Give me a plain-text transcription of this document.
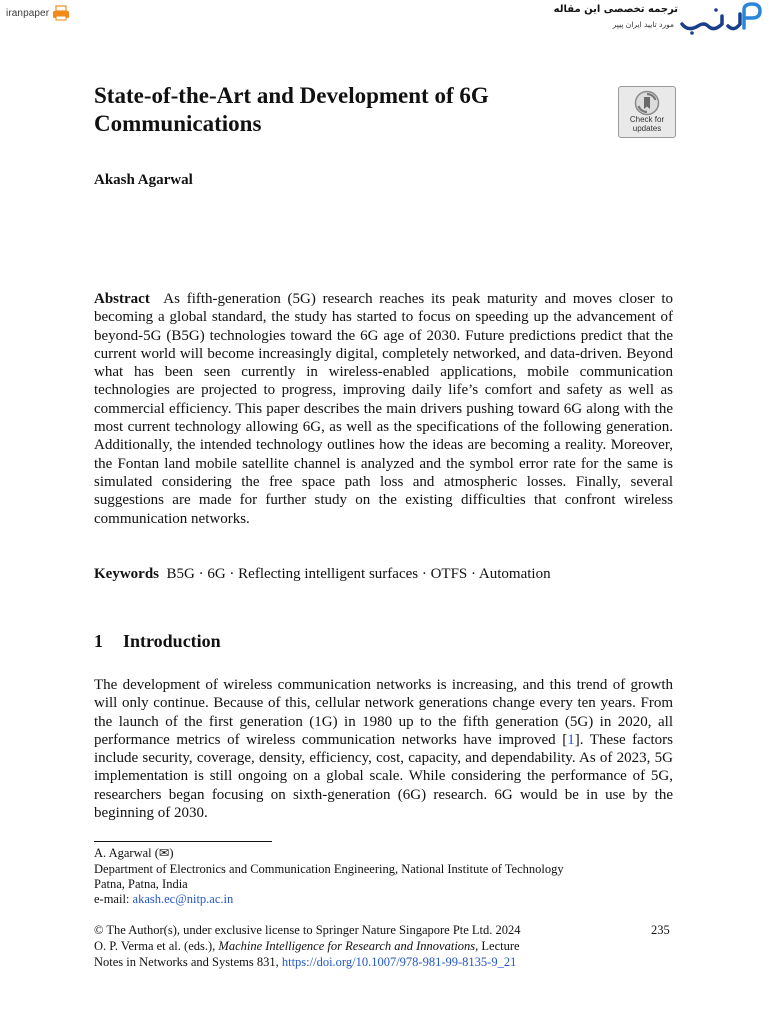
iranpaper	ترجمه تخصصی این مقاله
مورد تایید ایران پیپر
State-of-the-Art and Development of 6G Communications	Check for updates
Akash Agarwal

Abstract As fifth-generation (5G) research reaches its peak maturity and moves closer to becoming a global standard, the study has started to focus on speeding up the advancement of beyond-5G (B5G) technologies toward the 6G age of 2030. Future predictions predict that the current world will become increasingly digital, completely networked, and data-driven. Beyond what has been seen currently in wireless-enabled applications, mobile communication technologies are projected to progress, improving daily life’s comfort and safety as well as commercial efficiency. This paper describes the main drivers pushing toward 6G along with the most current technology allowing 6G, as well as the specifications of the following generation. Additionally, the intended technology outlines how the ideas are becoming a reality. Moreover, the Fontan land mobile satellite channel is analyzed and the symbol error rate for the same is simulated considering the free space path loss and atmospheric losses. Finally, several suggestions are made for further study on the existing difficulties that confront wireless communication networks.

Keywords B5G · 6G · Reflecting intelligent surfaces · OTFS · Automation
1 Introduction

The development of wireless communication networks is increasing, and this trend of growth will only continue. Because of this, cellular network generations change every ten years. From the launch of the first generation (1G) in 1980 up to the fifth generation (5G) in 2020, all performance metrics of wireless communication networks have improved [1]. These factors include security, coverage, density, efficiency, cost, capacity, and dependability. As of 2023, 5G implementation is still ongoing on a global scale. While considering the performance of 5G, researchers began focusing on sixth-generation (6G) research. 6G would be in use by the beginning of 2030.

A. Agarwal (✉)
Department of Electronics and Communication Engineering, National Institute of Technology
Patna, Patna, India
e-mail: akash.ec@nitp.ac.in
© The Author(s), under exclusive license to Springer Nature Singapore Pte Ltd. 2024	235
O. P. Verma et al. (eds.), Machine Intelligence for Research and Innovations, Lecture
Notes in Networks and Systems 831, https://doi.org/10.1007/978-981-99-8135-9_21
